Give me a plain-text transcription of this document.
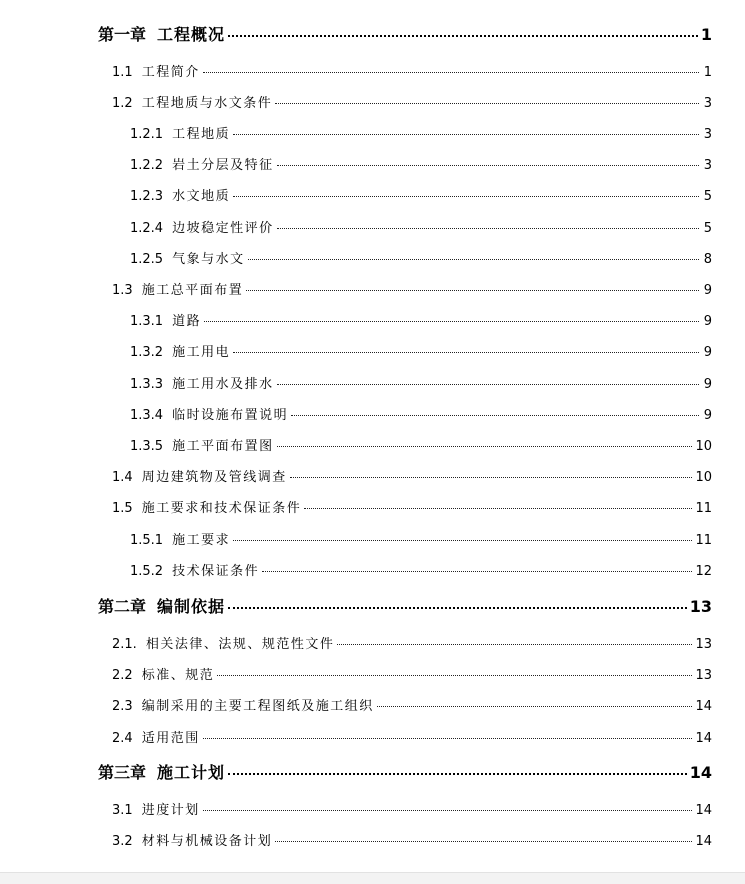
第一章 工程概况	1
1.1 工程简介	1
1.2 工程地质与水文条件	3
1.2.1 工程地质	3
1.2.2 岩土分层及特征	3
1.2.3 水文地质	5
1.2.4 边坡稳定性评价	5
1.2.5 气象与水文	8
1.3 施工总平面布置	9
1.3.1 道路	9
1.3.2 施工用电	9
1.3.3 施工用水及排水	9
1.3.4 临时设施布置说明	9
1.3.5 施工平面布置图	10
1.4 周边建筑物及管线调查	10
1.5 施工要求和技术保证条件	11
1.5.1 施工要求	11
1.5.2 技术保证条件	12
第二章 编制依据	13
2.1. 相关法律、法规、规范性文件	13
2.2 标准、规范	13
2.3 编制采用的主要工程图纸及施工组织	14
2.4 适用范围	14
第三章 施工计划	14
3.1 进度计划	14
3.2 材料与机械设备计划	14
